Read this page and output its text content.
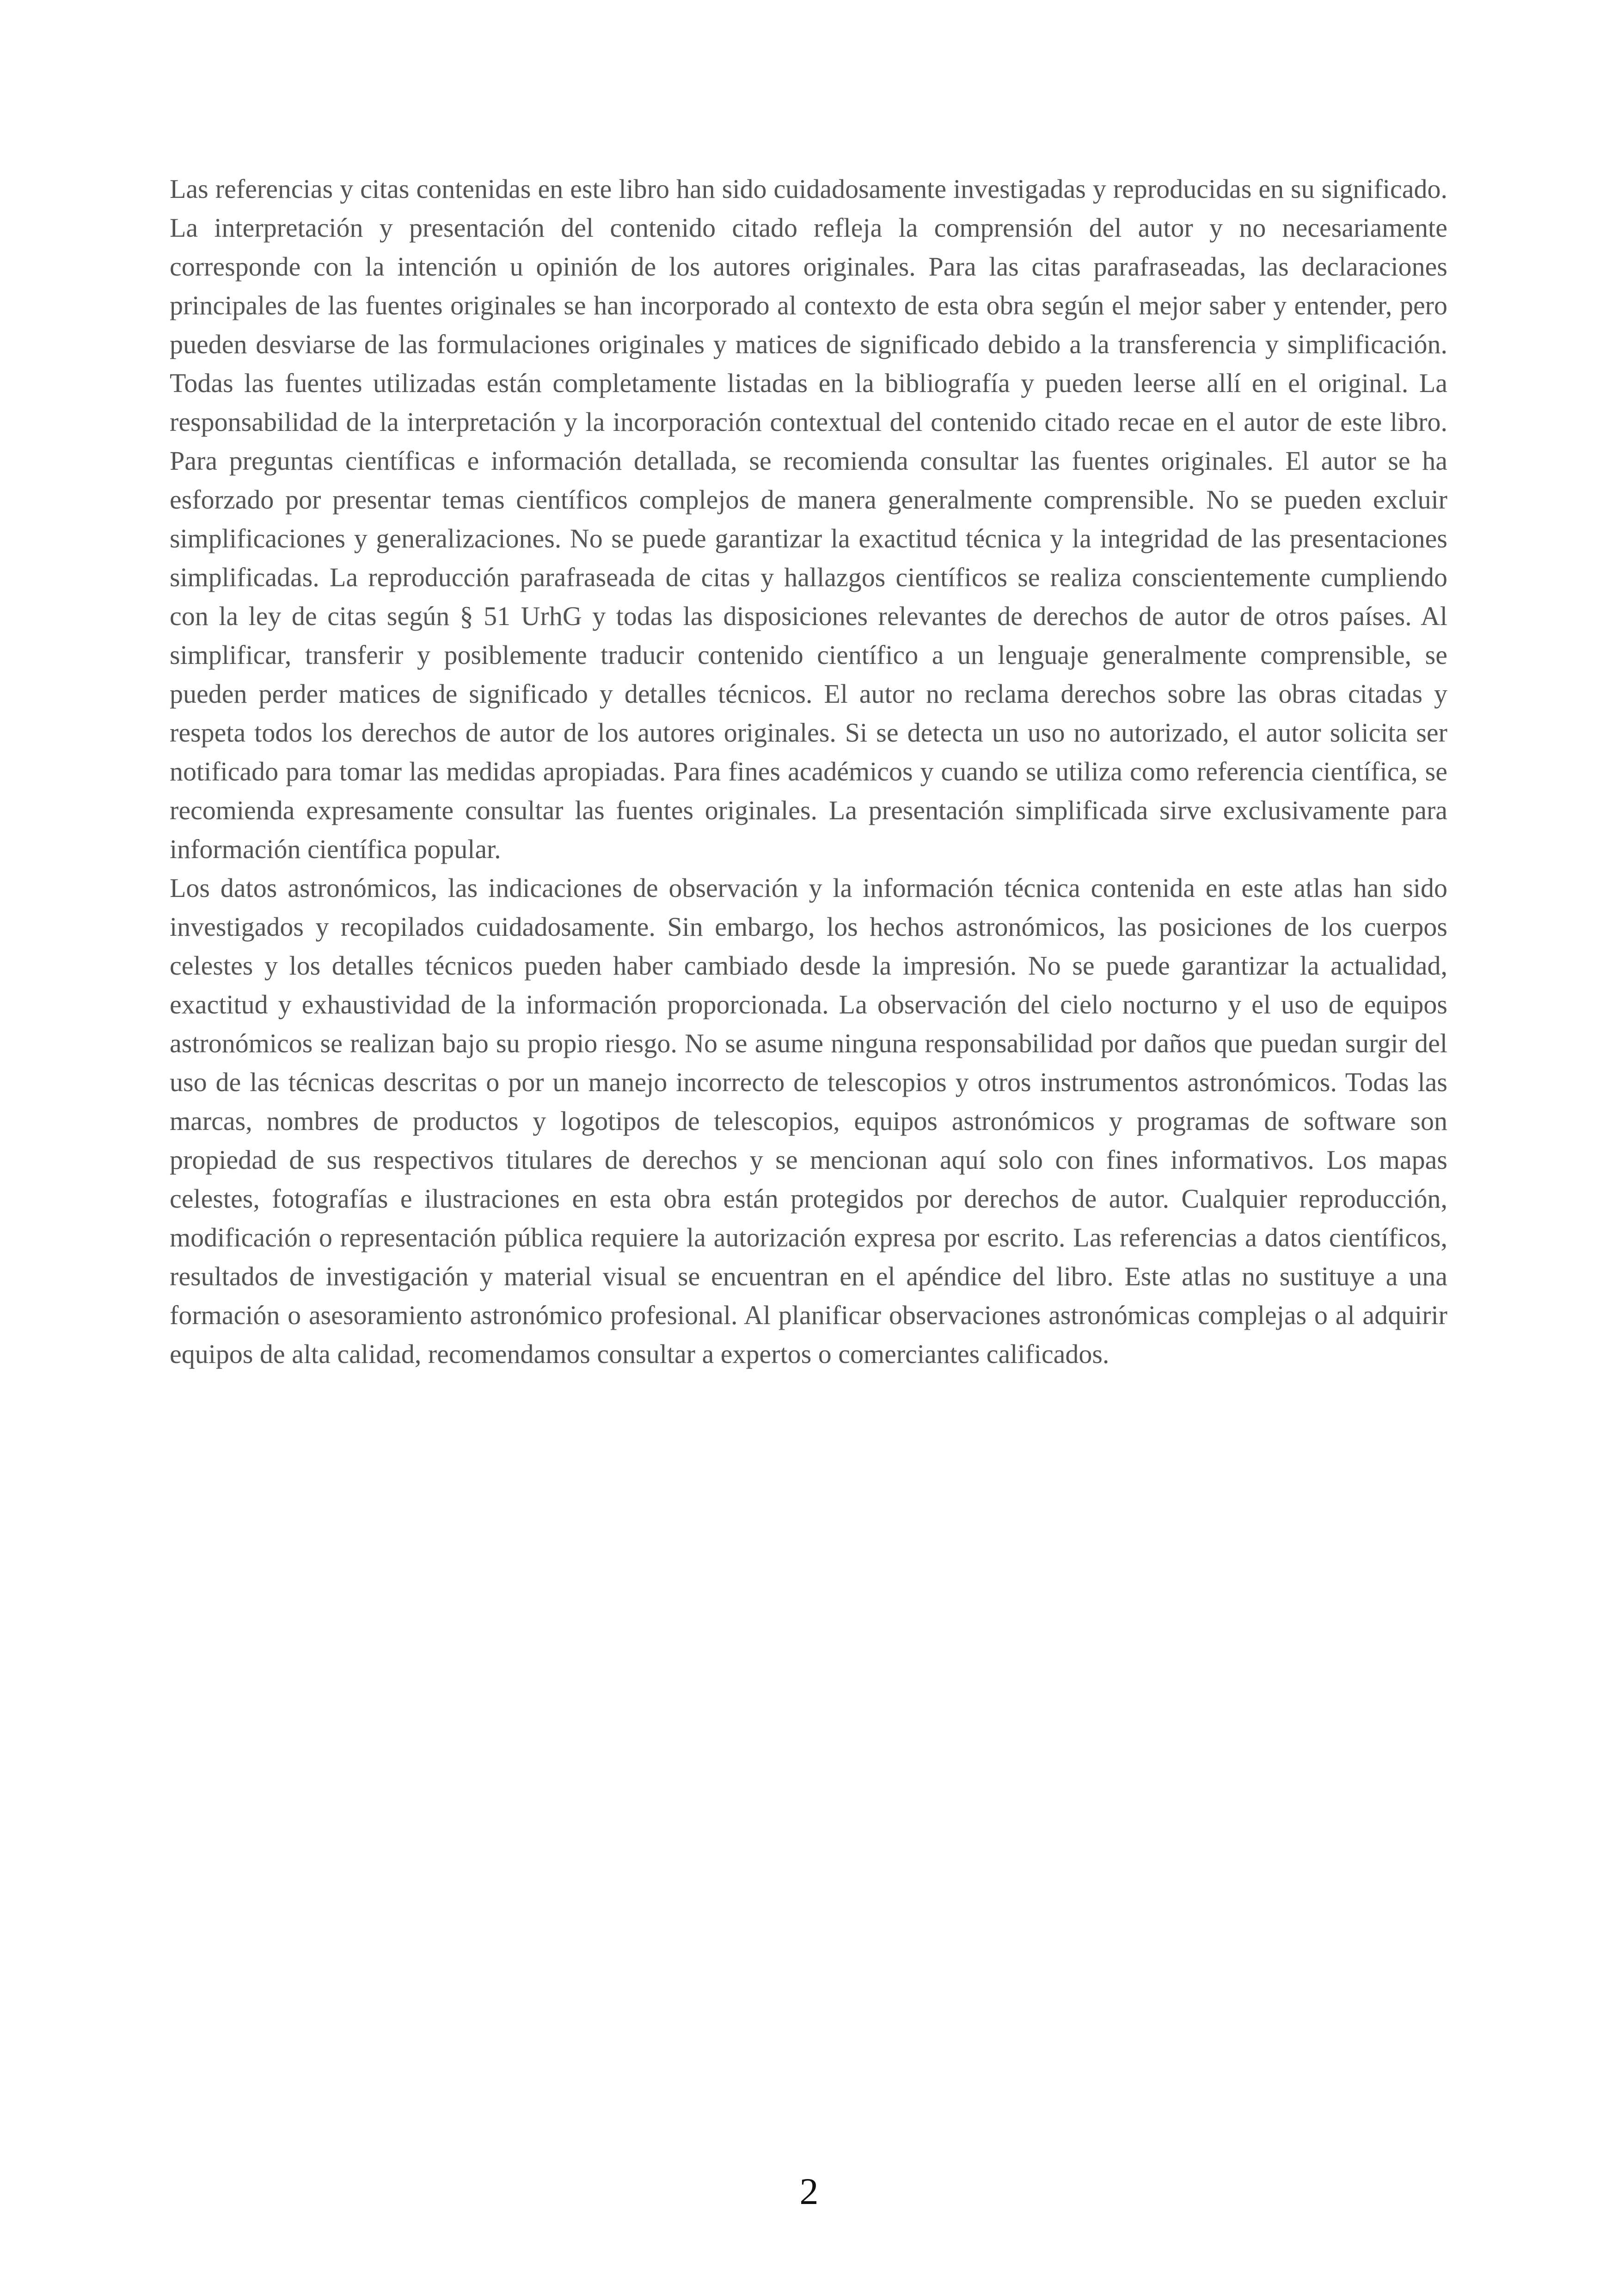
Las referencias y citas contenidas en este libro han sido cuidadosamente investigadas y reproducidas en su significado. La interpretación y presentación del contenido citado refleja la comprensión del autor y no necesariamente corresponde con la intención u opinión de los autores originales. Para las citas parafraseadas, las declaraciones principales de las fuentes originales se han incorporado al contexto de esta obra según el mejor saber y entender, pero pueden desviarse de las formulaciones originales y matices de significado debido a la transferencia y simplificación. Todas las fuentes utilizadas están completamente listadas en la bibliografía y pueden leerse allí en el original. La responsabilidad de la interpretación y la incorporación contextual del contenido citado recae en el autor de este libro. Para preguntas científicas e información detallada, se recomienda consultar las fuentes originales. El autor se ha esforzado por presentar temas científicos complejos de manera generalmente comprensible. No se pueden excluir simplificaciones y generalizaciones. No se puede garantizar la exactitud técnica y la integridad de las presentaciones simplificadas. La reproducción parafraseada de citas y hallazgos científicos se realiza conscientemente cumpliendo con la ley de citas según § 51 UrhG y todas las disposiciones relevantes de derechos de autor de otros países. Al simplificar, transferir y posiblemente traducir contenido científico a un lenguaje generalmente comprensible, se pueden perder matices de significado y detalles técnicos. El autor no reclama derechos sobre las obras citadas y respeta todos los derechos de autor de los autores originales. Si se detecta un uso no autorizado, el autor solicita ser notificado para tomar las medidas apropiadas. Para fines académicos y cuando se utiliza como referencia científica, se recomienda expresamente consultar las fuentes originales. La presentación simplificada sirve exclusivamente para información científica popular.

Los datos astronómicos, las indicaciones de observación y la información técnica contenida en este atlas han sido investigados y recopilados cuidadosamente. Sin embargo, los hechos astronómicos, las posiciones de los cuerpos celestes y los detalles técnicos pueden haber cambiado desde la impresión. No se puede garantizar la actualidad, exactitud y exhaustividad de la información proporcionada. La observación del cielo nocturno y el uso de equipos astronómicos se realizan bajo su propio riesgo. No se asume ninguna responsabilidad por daños que puedan surgir del uso de las técnicas descritas o por un manejo incorrecto de telescopios y otros instrumentos astronómicos. Todas las marcas, nombres de productos y logotipos de telescopios, equipos astronómicos y programas de software son propiedad de sus respectivos titulares de derechos y se mencionan aquí solo con fines informativos. Los mapas celestes, fotografías e ilustraciones en esta obra están protegidos por derechos de autor. Cualquier reproducción, modificación o representación pública requiere la autorización expresa por escrito. Las referencias a datos científicos, resultados de investigación y material visual se encuentran en el apéndice del libro. Este atlas no sustituye a una formación o asesoramiento astronómico profesional. Al planificar observaciones astronómicas complejas o al adquirir equipos de alta calidad, recomendamos consultar a expertos o comerciantes calificados.

2
